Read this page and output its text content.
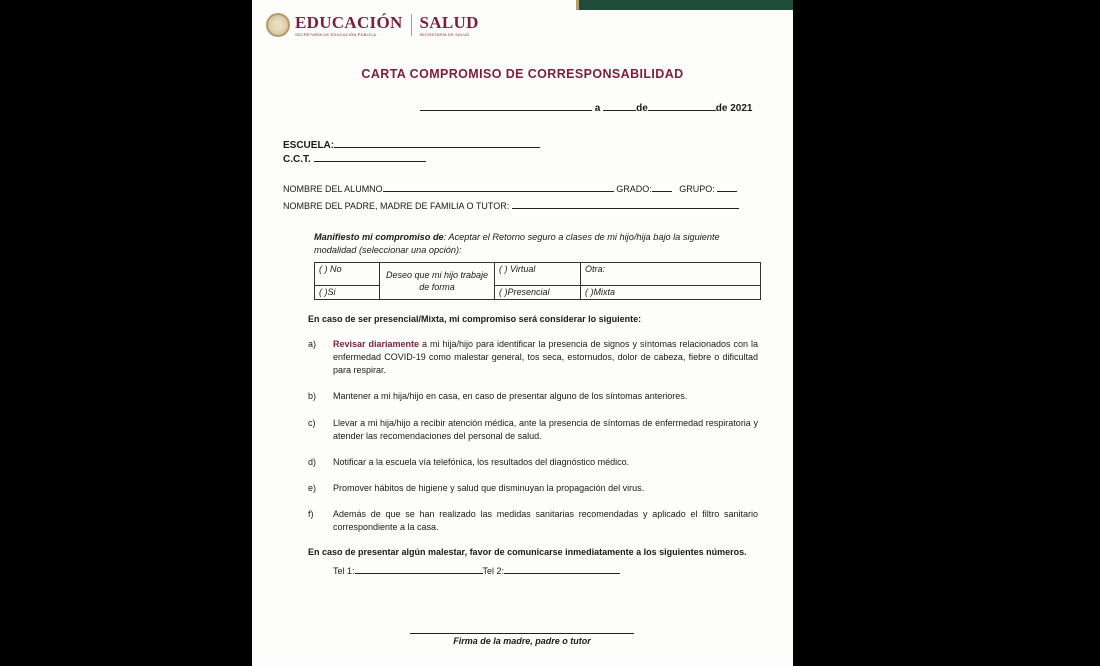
EDUCACIÓN
SECRETARÍA DE EDUCACIÓN PÚBLICA
SALUD
SECRETARÍA DE SALUD
CARTA COMPROMISO DE CORRESPONSABILIDAD
a	de	de 2021
ESCUELA:
C.C.T.
NOMBRE DEL ALUMNO	GRADO:	GRUPO:
NOMBRE DEL PADRE, MADRE DE FAMILIA O TUTOR:
Manifiesto mi compromiso de: Aceptar el Retorno seguro a clases de mi hijo/hija bajo la siguiente
modalidad (seleccionar una opción):
( ) No	Deseo que mi hijo trabaje de forma	( ) Virtual	Otra:
( )Si		( )Presencial	( )Mixta
En caso de ser presencial/Mixta, mi compromiso será considerar lo siguiente:
a) Revisar diariamente a mi hija/hijo para identificar la presencia de signos y síntomas relacionados con la enfermedad COVID-19 como malestar general, tos seca, estornudos, dolor de cabeza, fiebre o dificultad para respirar.
b) Mantener a mi hija/hijo en casa, en caso de presentar alguno de los síntomas anteriores.
c) Llevar a mi hija/hijo a recibir atención médica, ante la presencia de síntomas de enfermedad respiratoria y atender las recomendaciones del personal de salud.
d) Notificar a la escuela vía telefónica, los resultados del diagnóstico médico.
e) Promover hábitos de higiene y salud que disminuyan la propagación del virus.
f) Además de que se han realizado las medidas sanitarias recomendadas y aplicado el filtro sanitario correspondiente a la casa.
En caso de presentar algún malestar, favor de comunicarse inmediatamente a los siguientes números.
Tel 1:	Tel 2:
Firma de la madre, padre o tutor
